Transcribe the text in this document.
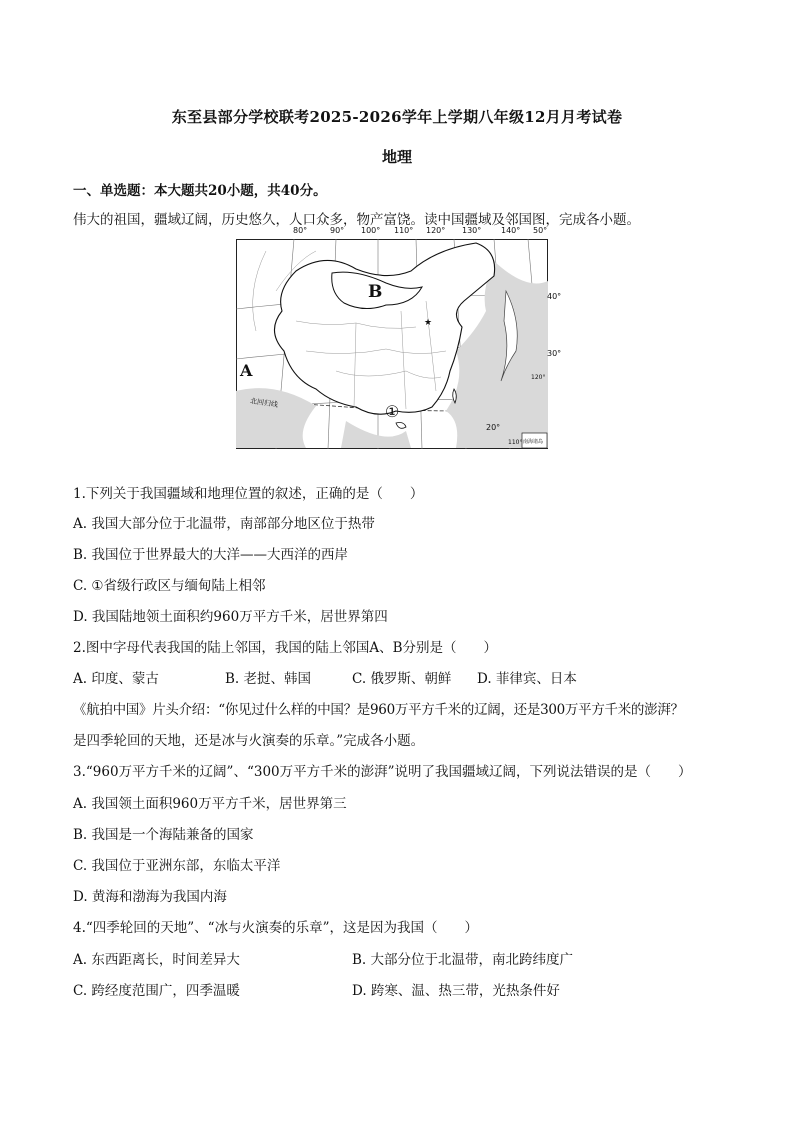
东至县部分学校联考2025-2026学年上学期八年级12月月考试卷
地理
一、单选题：本大题共20小题，共40分。
伟大的祖国，疆域辽阔，历史悠久，人口众多，物产富饶。读中国疆域及邻国图，完成各小题。
★
80°	90° 100° 110° 120° 130° 140° 50°
40°
30°
120°
20°
110°
B
A
①
北回归线
南海诸岛
1.下列关于我国疆域和地理位置的叙述，正确的是（　　）
A. 我国大部分位于北温带，南部部分地区位于热带
B. 我国位于世界最大的大洋——大西洋的西岸
C. ①省级行政区与缅甸陆上相邻
D. 我国陆地领土面积约960万平方千米，居世界第四
2.图中字母代表我国的陆上邻国，我国的陆上邻国A、B分别是（　　）
A. 印度、蒙古	B. 老挝、韩国	C. 俄罗斯、朝鲜 D. 菲律宾、日本
《航拍中国》片头介绍：“你见过什么样的中国？是960万平方千米的辽阔，还是300万平方千米的澎湃？
是四季轮回的天地，还是冰与火演奏的乐章。”完成各小题。
3.“960万平方千米的辽阔”、“300万平方千米的澎湃”说明了我国疆域辽阔，下列说法错误的是（　　）
A. 我国领土面积960万平方千米，居世界第三
B. 我国是一个海陆兼备的国家
C. 我国位于亚洲东部，东临太平洋
D. 黄海和渤海为我国内海
4.“四季轮回的天地”、“冰与火演奏的乐章”，这是因为我国（　　）
A. 东西距离长，时间差异大	B. 大部分位于北温带，南北跨纬度广
C. 跨经度范围广，四季温暖	D. 跨寒、温、热三带，光热条件好
